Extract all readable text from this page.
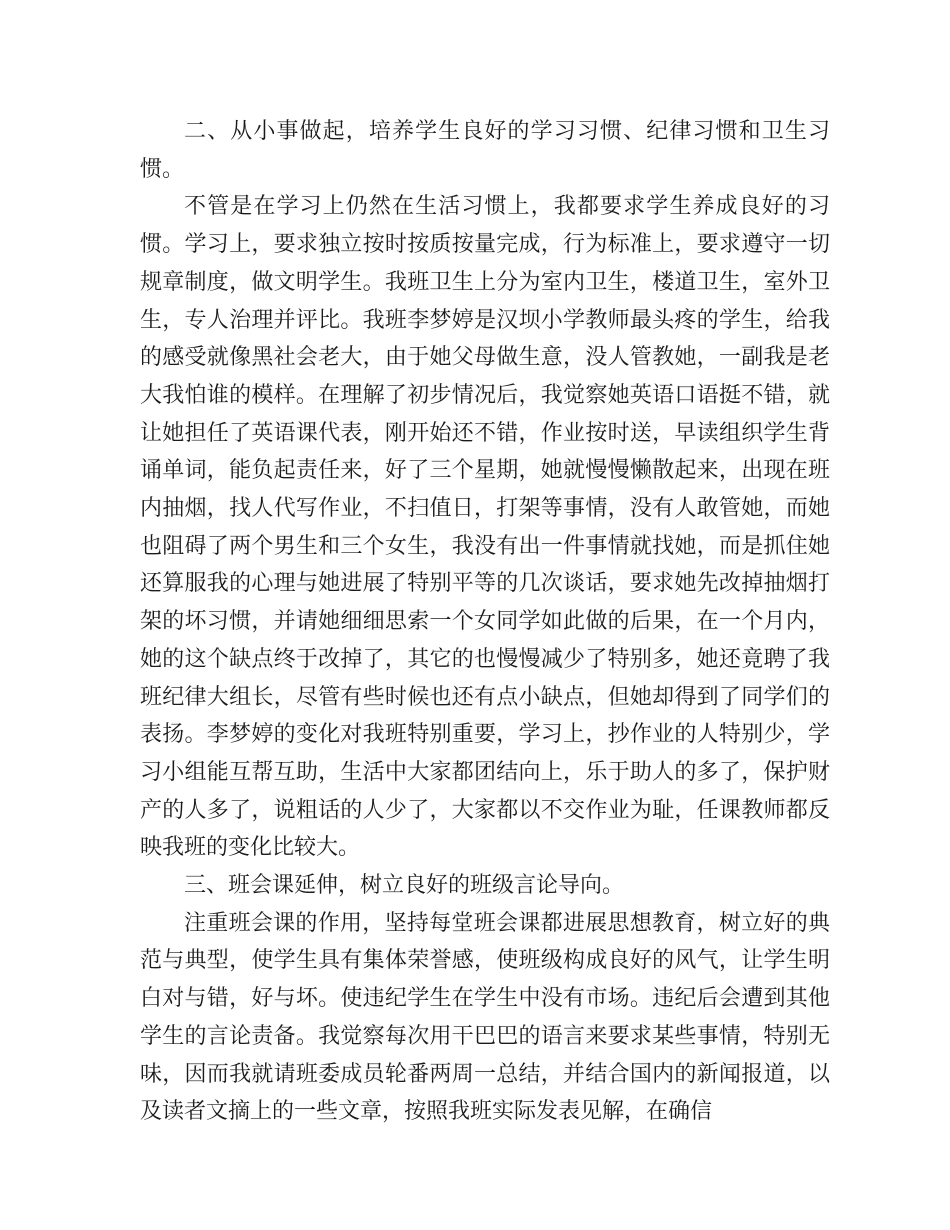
二、从小事做起，培养学生良好的学习习惯、纪律习惯和卫生习惯。

不管是在学习上仍然在生活习惯上，我都要求学生养成良好的习惯。学习上，要求独立按时按质按量完成，行为标准上，要求遵守一切规章制度，做文明学生。我班卫生上分为室内卫生，楼道卫生，室外卫生，专人治理并评比。我班李梦婷是汉坝小学教师最头疼的学生，给我的感受就像黑社会老大，由于她父母做生意，没人管教她，一副我是老大我怕谁的模样。在理解了初步情况后，我觉察她英语口语挺不错，就让她担任了英语课代表，刚开始还不错，作业按时送，早读组织学生背诵单词，能负起责任来，好了三个星期，她就慢慢懒散起来，出现在班内抽烟，找人代写作业，不扫值日，打架等事情，没有人敢管她，而她也阻碍了两个男生和三个女生，我没有出一件事情就找她，而是抓住她还算服我的心理与她进展了特别平等的几次谈话，要求她先改掉抽烟打架的坏习惯，并请她细细思索一个女同学如此做的后果，在一个月内，她的这个缺点终于改掉了，其它的也慢慢减少了特别多，她还竟聘了我班纪律大组长，尽管有些时候也还有点小缺点，但她却得到了同学们的表扬。李梦婷的变化对我班特别重要，学习上，抄作业的人特别少，学习小组能互帮互助，生活中大家都团结向上，乐于助人的多了，保护财产的人多了，说粗话的人少了，大家都以不交作业为耻，任课教师都反映我班的变化比较大。

三、班会课延伸，树立良好的班级言论导向。

注重班会课的作用，坚持每堂班会课都进展思想教育，树立好的典范与典型，使学生具有集体荣誉感，使班级构成良好的风气，让学生明白对与错，好与坏。使违纪学生在学生中没有市场。违纪后会遭到其他学生的言论责备。我觉察每次用干巴巴的语言来要求某些事情，特别无味，因而我就请班委成员轮番两周一总结，并结合国内的新闻报道，以及读者文摘上的一些文章，按照我班实际发表见解，在确信
